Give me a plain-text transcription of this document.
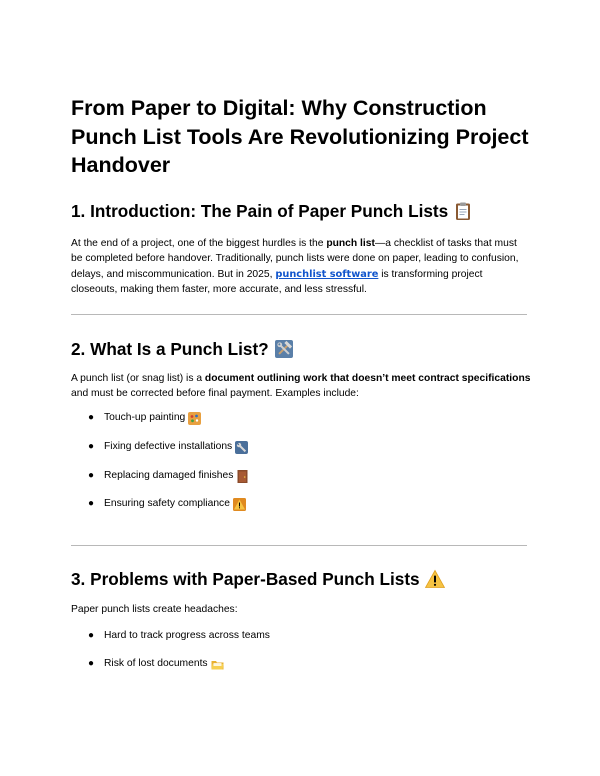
From Paper to Digital: Why Construction Punch List Tools Are Revolutionizing Project Handover
1. Introduction: The Pain of Paper Punch Lists

At the end of a project, one of the biggest hurdles is the punch list—a checklist of tasks that must be completed before handover. Traditionally, punch lists were done on paper, leading to confusion, delays, and miscommunication. But in 2025, punchlist software is transforming project closeouts, making them faster, more accurate, and less stressful.

2. What Is a Punch List?

A punch list (or snag list) is a document outlining work that doesn’t meet contract specifications and must be corrected before final payment. Examples include:

● Touch-up painting
● Fixing defective installations
● Replacing damaged finishes
● Ensuring safety compliance
3. Problems with Paper-Based Punch Lists

Paper punch lists create headaches:

● Hard to track progress across teams
● Risk of lost documents
